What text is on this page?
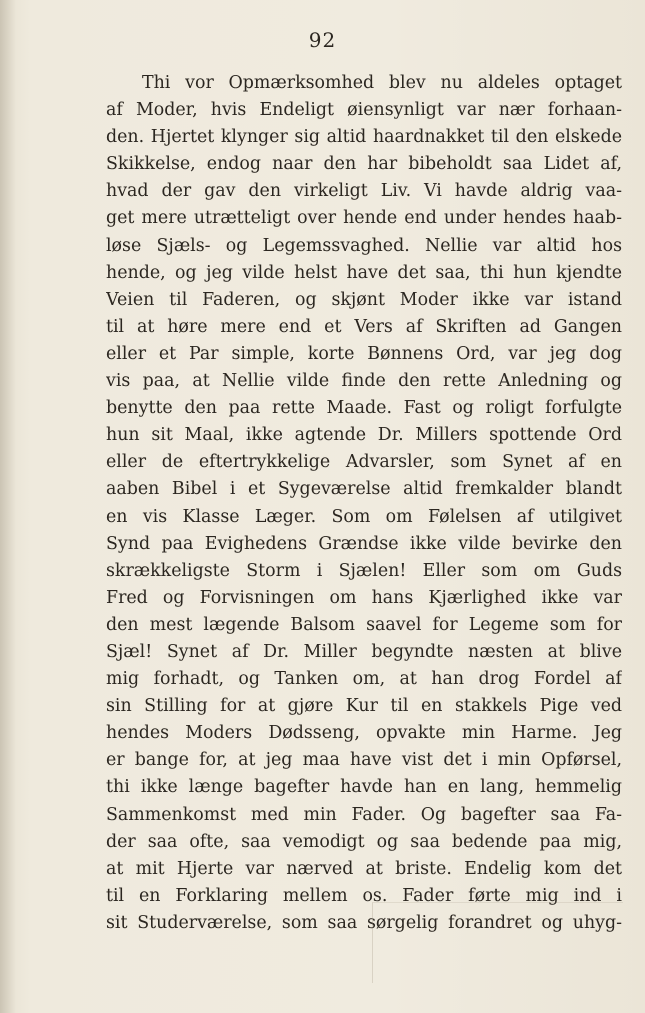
92
Thi vor Opmærksomhed blev nu aldeles optaget
af Moder, hvis Endeligt øiensynligt var nær forhaan-
den. Hjertet klynger sig altid haardnakket til den elskede
Skikkelse, endog naar den har bibeholdt saa Lidet af,
hvad der gav den virkeligt Liv. Vi havde aldrig vaa-
get mere utrætteligt over hende end under hendes haab-
løse Sjæls- og Legemssvaghed. Nellie var altid hos
hende, og jeg vilde helst have det saa, thi hun kjendte
Veien til Faderen, og skjønt Moder ikke var istand
til at høre mere end et Vers af Skriften ad Gangen
eller et Par simple, korte Bønnens Ord, var jeg dog
vis paa, at Nellie vilde finde den rette Anledning og
benytte den paa rette Maade. Fast og roligt forfulgte
hun sit Maal, ikke agtende Dr. Millers spottende Ord
eller de eftertrykkelige Advarsler, som Synet af en
aaben Bibel i et Sygeværelse altid fremkalder blandt
en vis Klasse Læger. Som om Følelsen af utilgivet
Synd paa Evighedens Grændse ikke vilde bevirke den
skrækkeligste Storm i Sjælen! Eller som om Guds
Fred og Forvisningen om hans Kjærlighed ikke var
den mest lægende Balsom saavel for Legeme som for
Sjæl! Synet af Dr. Miller begyndte næsten at blive
mig forhadt, og Tanken om, at han drog Fordel af
sin Stilling for at gjøre Kur til en stakkels Pige ved
hendes Moders Dødsseng, opvakte min Harme. Jeg
er bange for, at jeg maa have vist det i min Opførsel,
thi ikke længe bagefter havde han en lang, hemmelig
Sammenkomst med min Fader. Og bagefter saa Fa-
der saa ofte, saa vemodigt og saa bedende paa mig,
at mit Hjerte var nærved at briste. Endelig kom det
til en Forklaring mellem os. Fader førte mig ind i
sit Studerværelse, som saa sørgelig forandret og uhyg-
